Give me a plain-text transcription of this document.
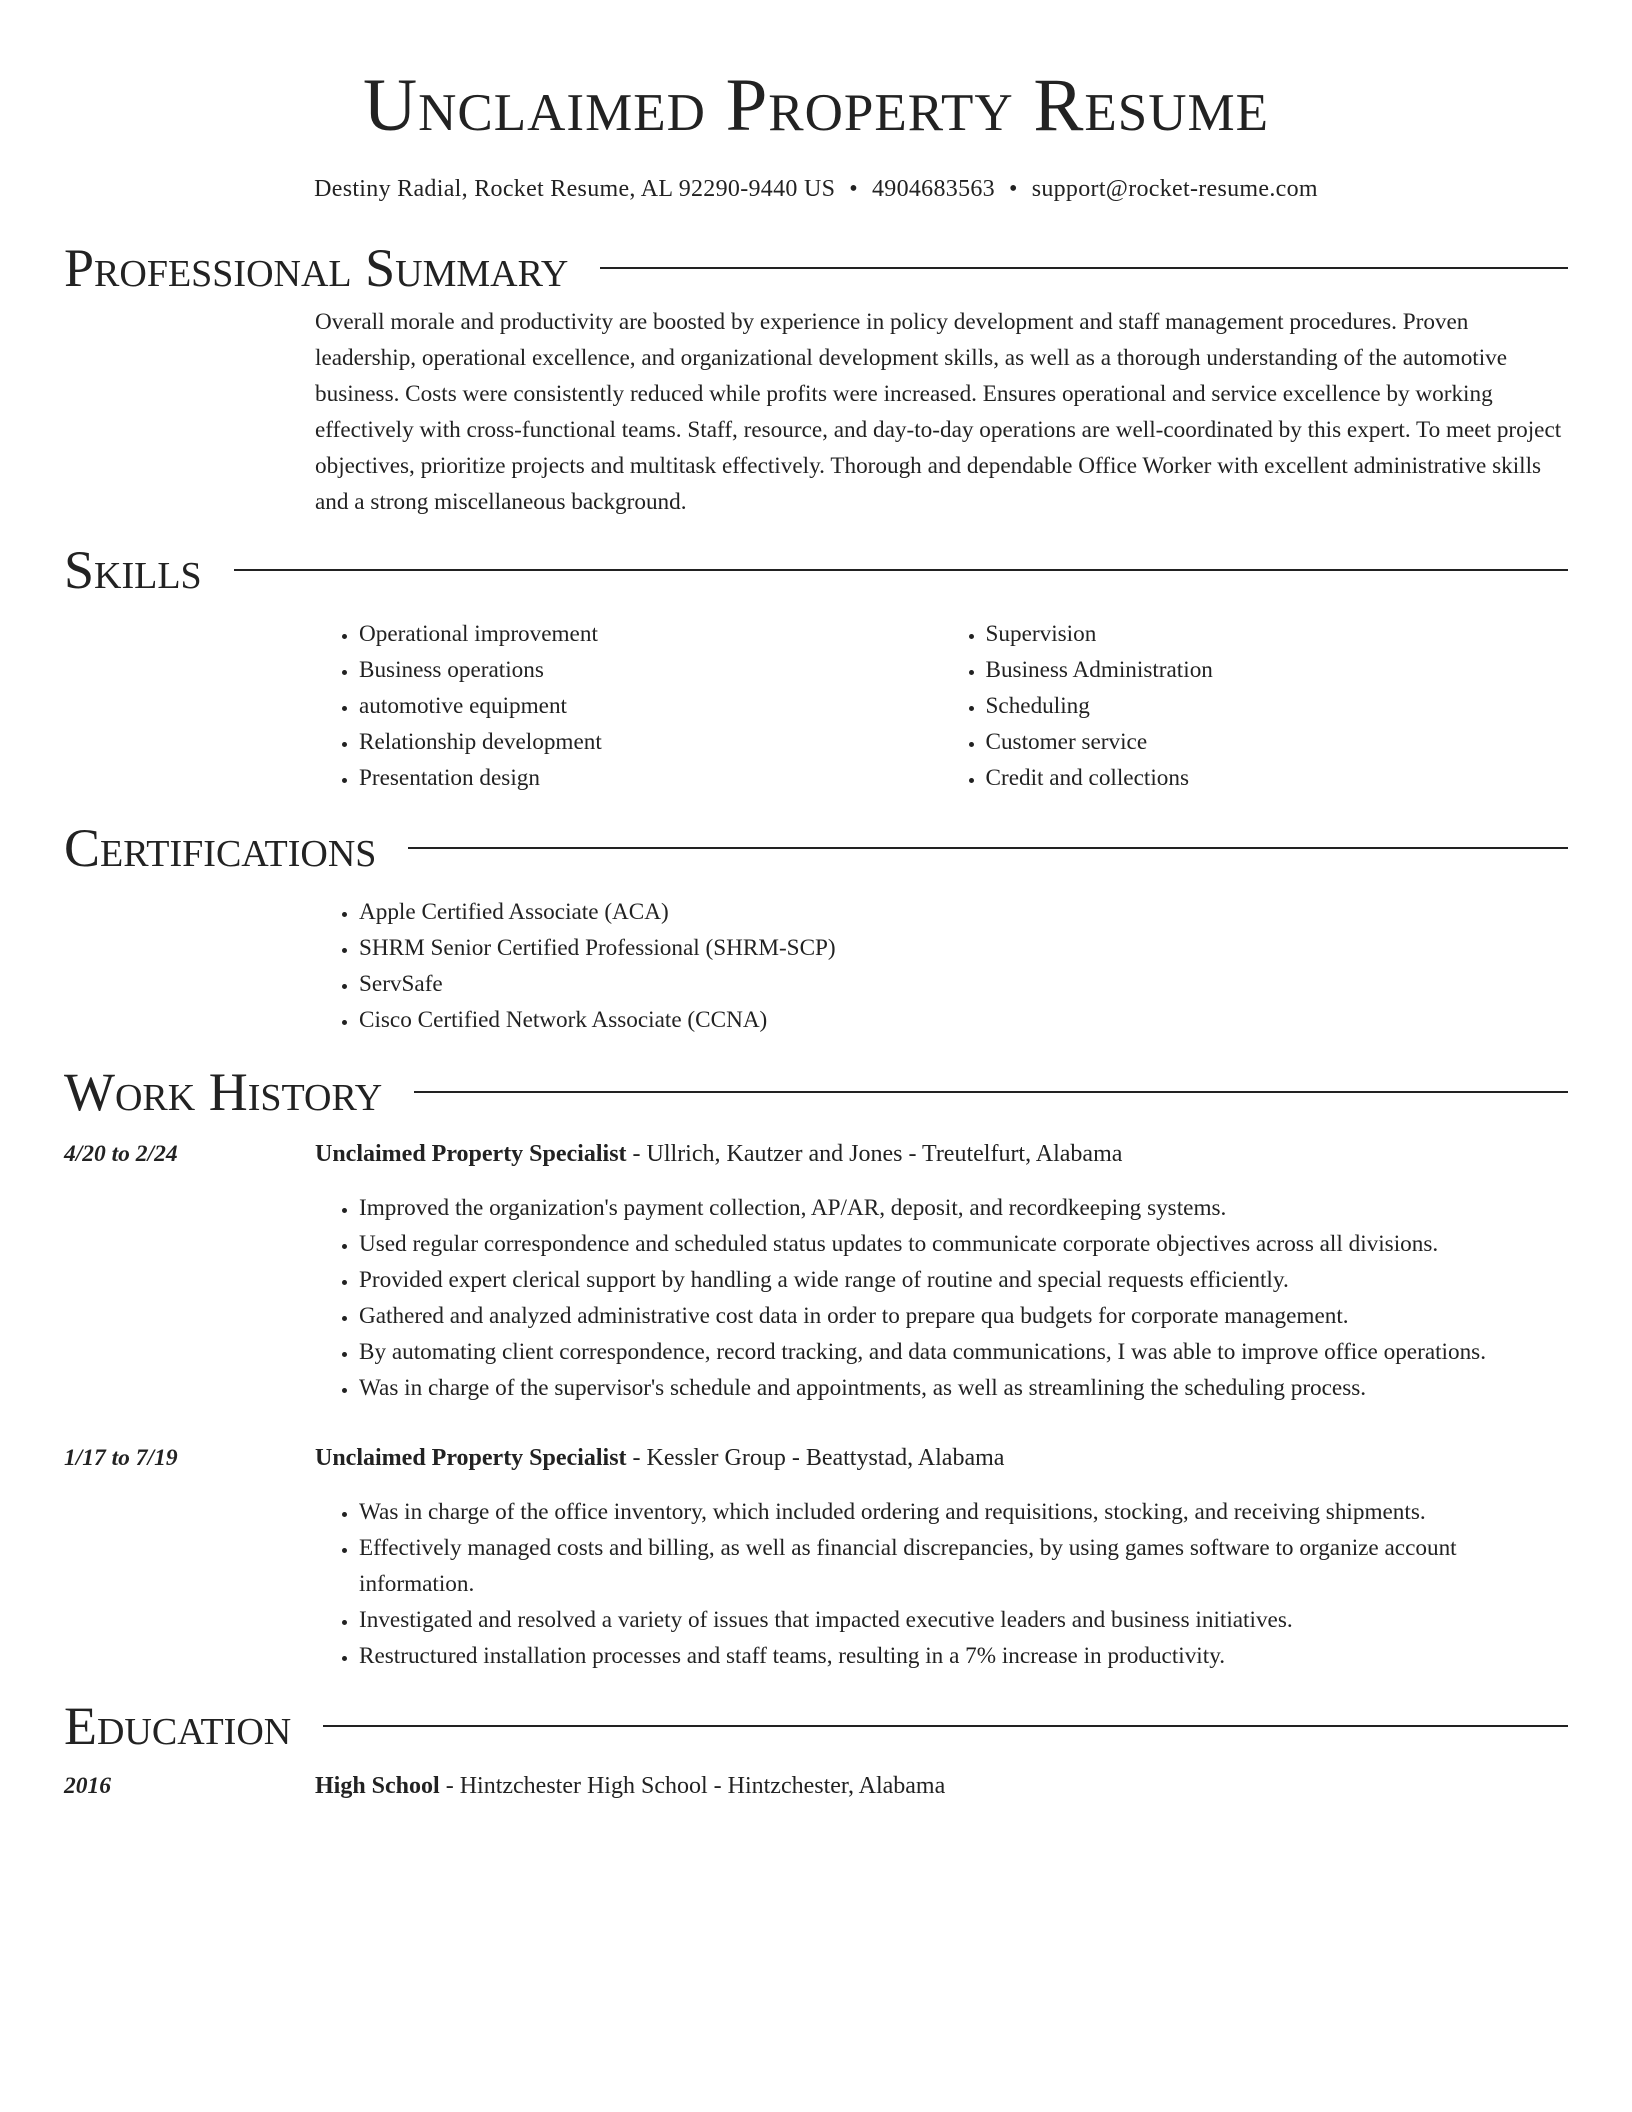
Unclaimed Property Resume
Destiny Radial, Rocket Resume, AL 92290-9440 US • 4904683563 • support@rocket-resume.com
Professional Summary

Overall morale and productivity are boosted by experience in policy development and staff management procedures. Proven leadership, operational excellence, and organizational development skills, as well as a thorough understanding of the automotive business. Costs were consistently reduced while profits were increased. Ensures operational and service excellence by working effectively with cross-functional teams. Staff, resource, and day-to-day operations are well-coordinated by this expert. To meet project objectives, prioritize projects and multitask effectively. Thorough and dependable Office Worker with excellent administrative skills and a strong miscellaneous background.

Skills
• Operational improvement
• Business operations
• automotive equipment
• Relationship development
• Presentation design
• Supervision
• Business Administration
• Scheduling
• Customer service
• Credit and collections
Certifications
• Apple Certified Associate (ACA)
• SHRM Senior Certified Professional (SHRM-SCP)
• ServSafe
• Cisco Certified Network Associate (CCNA)
Work History
4/20 to 2/24	Unclaimed Property Specialist - Ullrich, Kautzer and Jones - Treutelfurt, Alabama
• Improved the organization's payment collection, AP/AR, deposit, and recordkeeping systems.
• Used regular correspondence and scheduled status updates to communicate corporate objectives across all divisions.
• Provided expert clerical support by handling a wide range of routine and special requests efficiently.
• Gathered and analyzed administrative cost data in order to prepare qua budgets for corporate management.
• By automating client correspondence, record tracking, and data communications, I was able to improve office operations.
• Was in charge of the supervisor's schedule and appointments, as well as streamlining the scheduling process.
1/17 to 7/19	Unclaimed Property Specialist - Kessler Group - Beattystad, Alabama
• Was in charge of the office inventory, which included ordering and requisitions, stocking, and receiving shipments.
• Effectively managed costs and billing, as well as financial discrepancies, by using games software to organize account information.
• Investigated and resolved a variety of issues that impacted executive leaders and business initiatives.
• Restructured installation processes and staff teams, resulting in a 7% increase in productivity.
Education
2016	High School - Hintzchester High School - Hintzchester, Alabama
